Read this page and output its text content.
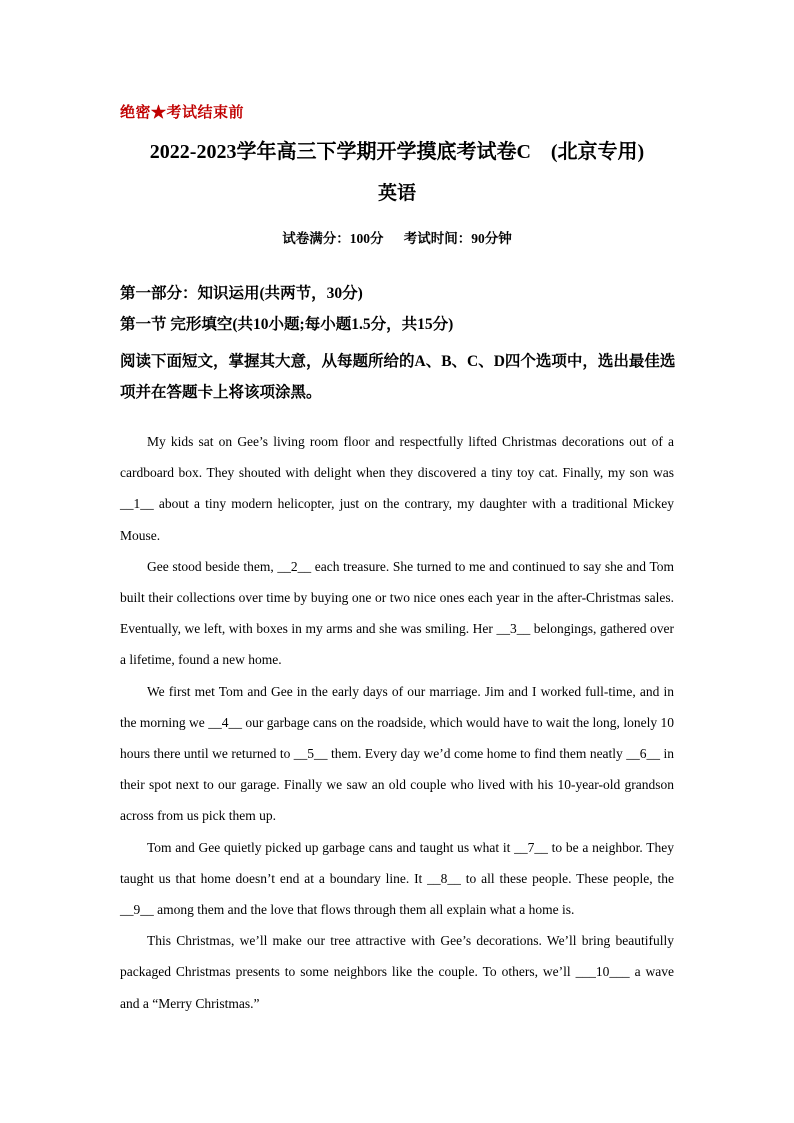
绝密★考试结束前
2022-2023学年高三下学期开学摸底考试卷C    (北京专用)
英语
试卷满分：100分      考试时间：90分钟
第一部分：知识运用(共两节，30分)
第一节 完形填空(共10小题;每小题1.5分，共15分)
阅读下面短文，掌握其大意，从每题所给的A、B、C、D四个选项中，选出最佳选项并在答题卡上将该项涂黑。

My kids sat on Gee’s living room floor and respectfully lifted Christmas decorations out of a cardboard box. They shouted with delight when they discovered a tiny toy cat. Finally, my son was __1__ about a tiny modern helicopter, just on the contrary, my daughter with a traditional Mickey Mouse.

Gee stood beside them, __2__ each treasure. She turned to me and continued to say she and Tom built their collections over time by buying one or two nice ones each year in the after-Christmas sales. Eventually, we left, with boxes in my arms and she was smiling. Her __3__ belongings, gathered over a lifetime, found a new home.

We first met Tom and Gee in the early days of our marriage. Jim and I worked full-time, and in the morning we __4__ our garbage cans on the roadside, which would have to wait the long, lonely 10 hours there until we returned to __5__ them. Every day we’d come home to find them neatly __6__ in their spot next to our garage. Finally we saw an old couple who lived with his 10-year-old grandson across from us pick them up.

Tom and Gee quietly picked up garbage cans and taught us what it __7__ to be a neighbor. They taught us that home doesn’t end at a boundary line. It __8__ to all these people. These people, the __9__ among them and the love that flows through them all explain what a home is.

This Christmas, we’ll make our tree attractive with Gee’s decorations. We’ll bring beautifully packaged Christmas presents to some neighbors like the couple. To others, we’ll ___10___ a wave and a “Merry Christmas.”
